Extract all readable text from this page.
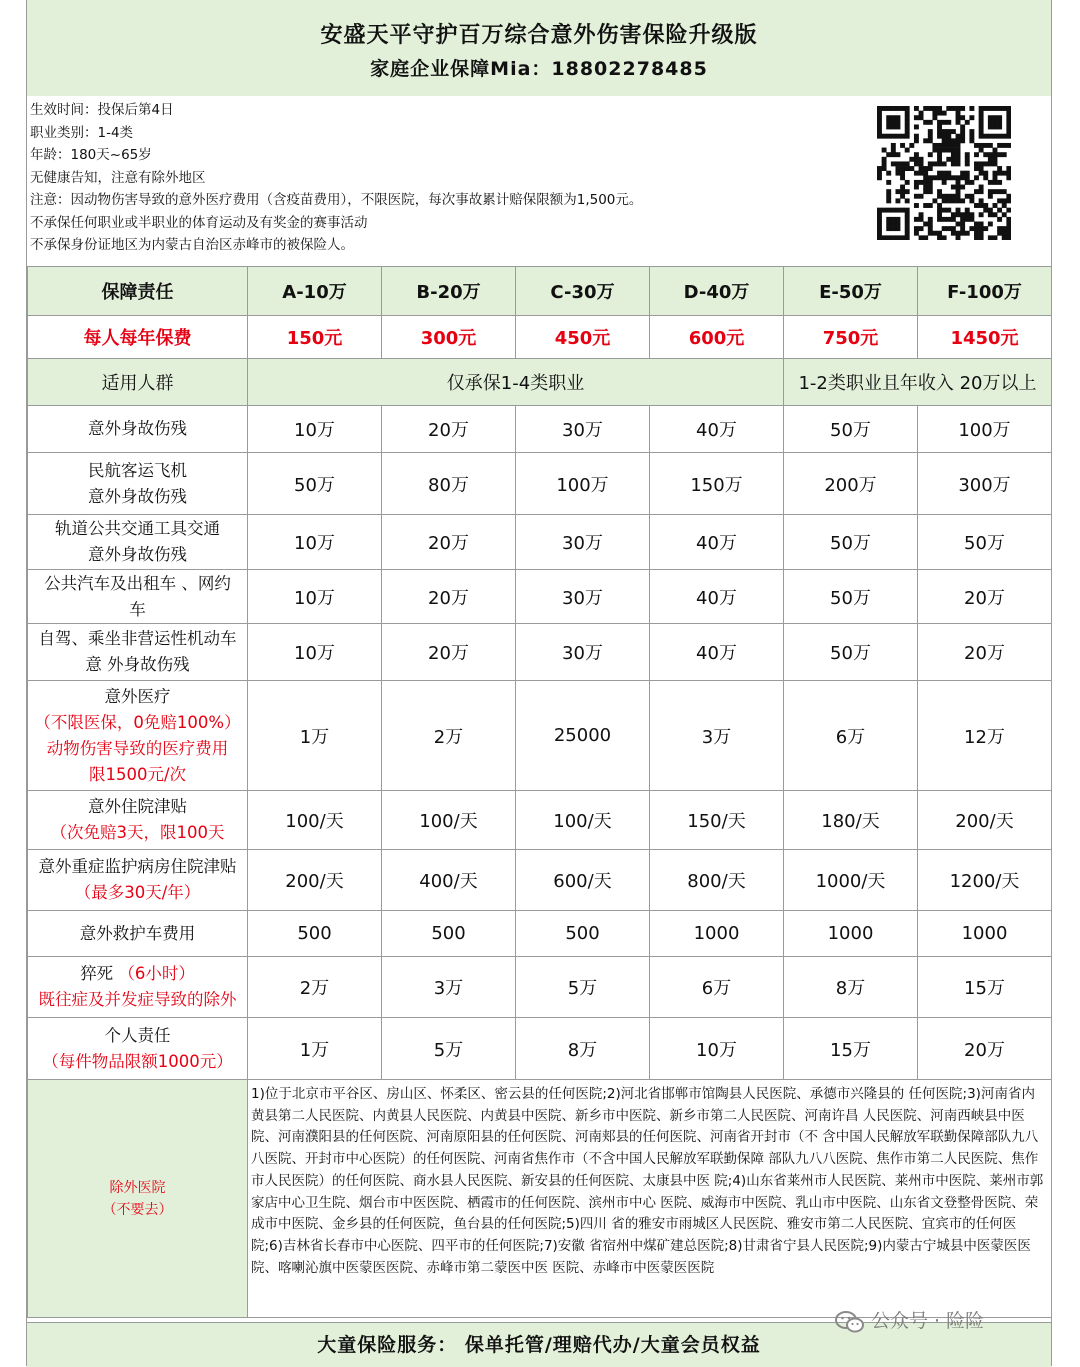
安盛天平守护百万综合意外伤害保险升级版
家庭企业保障Mia：18802278485
生效时间：投保后第4日
职业类别：1-4类
年龄：180天~65岁
无健康告知，注意有除外地区
注意：因动物伤害导致的意外医疗费用（含疫苗费用），不限医院，每次事故累计赔保限额为1,500元。
不承保任何职业或半职业的体育运动及有奖金的赛事活动
不承保身份证地区为内蒙古自治区赤峰市的被保险人。
保障责任	A-10万	B-20万	C-30万	D-40万	E-50万	F-100万
每人每年保费	150元	300元	450元	600元	750元	1450元
适用人群	仅承保1-4类职业				1-2类职业且年收入 20万以上	

意外身故伤残	10万	20万	30万	40万	50万	100万

民航客运飞机
意外身故伤残	50万	80万	100万	150万	200万	300万

轨道公共交通工具交通
意外身故伤残	10万	20万	30万	40万	50万	50万

公共汽车及出租车 、网约
车	10万	20万	30万	40万	50万	20万

自驾、乘坐非营运性机动车
意 外身故伤残	10万	20万	30万	40万	50万	20万

意外医疗
（不限医保，0免赔100%）
动物伤害导致的医疗费用
限1500元/次	1万	2万	25000	3万	6万	12万

意外住院津贴
（次免赔3天，限100天	100/天	100/天	100/天	150/天	180/天	200/天

意外重症监护病房住院津贴
（最多30天/年）	200/天	400/天	600/天	800/天	1000/天	1200/天

意外救护车费用	500	500	500	1000	1000	1000

猝死 （6小时）
既往症及并发症导致的除外	2万	3万	5万	6万	8万	15万

个人责任
（每件物品限额1000元）	1万	5万	8万	10万	15万	20万

除外医院
（不要去）	1)位于北京市平谷区、房山区、怀柔区、密云县的任何医院;2)河北省邯郸市馆陶县人民医院、承德市兴隆县的 任何医院;3)河南省内黄县第二人民医院、内黄县人民医院、内黄县中医院、新乡市中医院、新乡市第二人民医院、河南许昌 人民医院、河南西峡县中医院、河南濮阳县的任何医院、河南原阳县的任何医院、河南郏县的任何医院、河南省开封市（不 含中国人民解放军联勤保障部队九八八医院、开封市中心医院）的任何医院、河南省焦作市（不含中国人民解放军联勤保障 部队九八八医院、焦作市第二人民医院、焦作市人民医院）的任何医院、商水县人民医院、新安县的任何医院、太康县中医 院;4)山东省莱州市人民医院、莱州市中医院、莱州市郭家店中心卫生院、烟台市中医医院、栖霞市的任何医院、滨州市中心 医院、威海市中医院、乳山市中医院、山东省文登整骨医院、荣成市中医院、金乡县的任何医院，鱼台县的任何医院;5)四川 省的雅安市雨城区人民医院、雅安市第二人民医院、宜宾市的任何医院;6)吉林省长春市中心医院、四平市的任何医院;7)安徽 省宿州中煤矿建总医院;8)甘肃省宁县人民医院;9)内蒙古宁城县中医蒙医医院、喀喇沁旗中医蒙医医院、赤峰市第二蒙医中医 医院、赤峰市中医蒙医医院					
大童保险服务： 保单托管/理赔代办/大童会员权益
公众号 · 险险
